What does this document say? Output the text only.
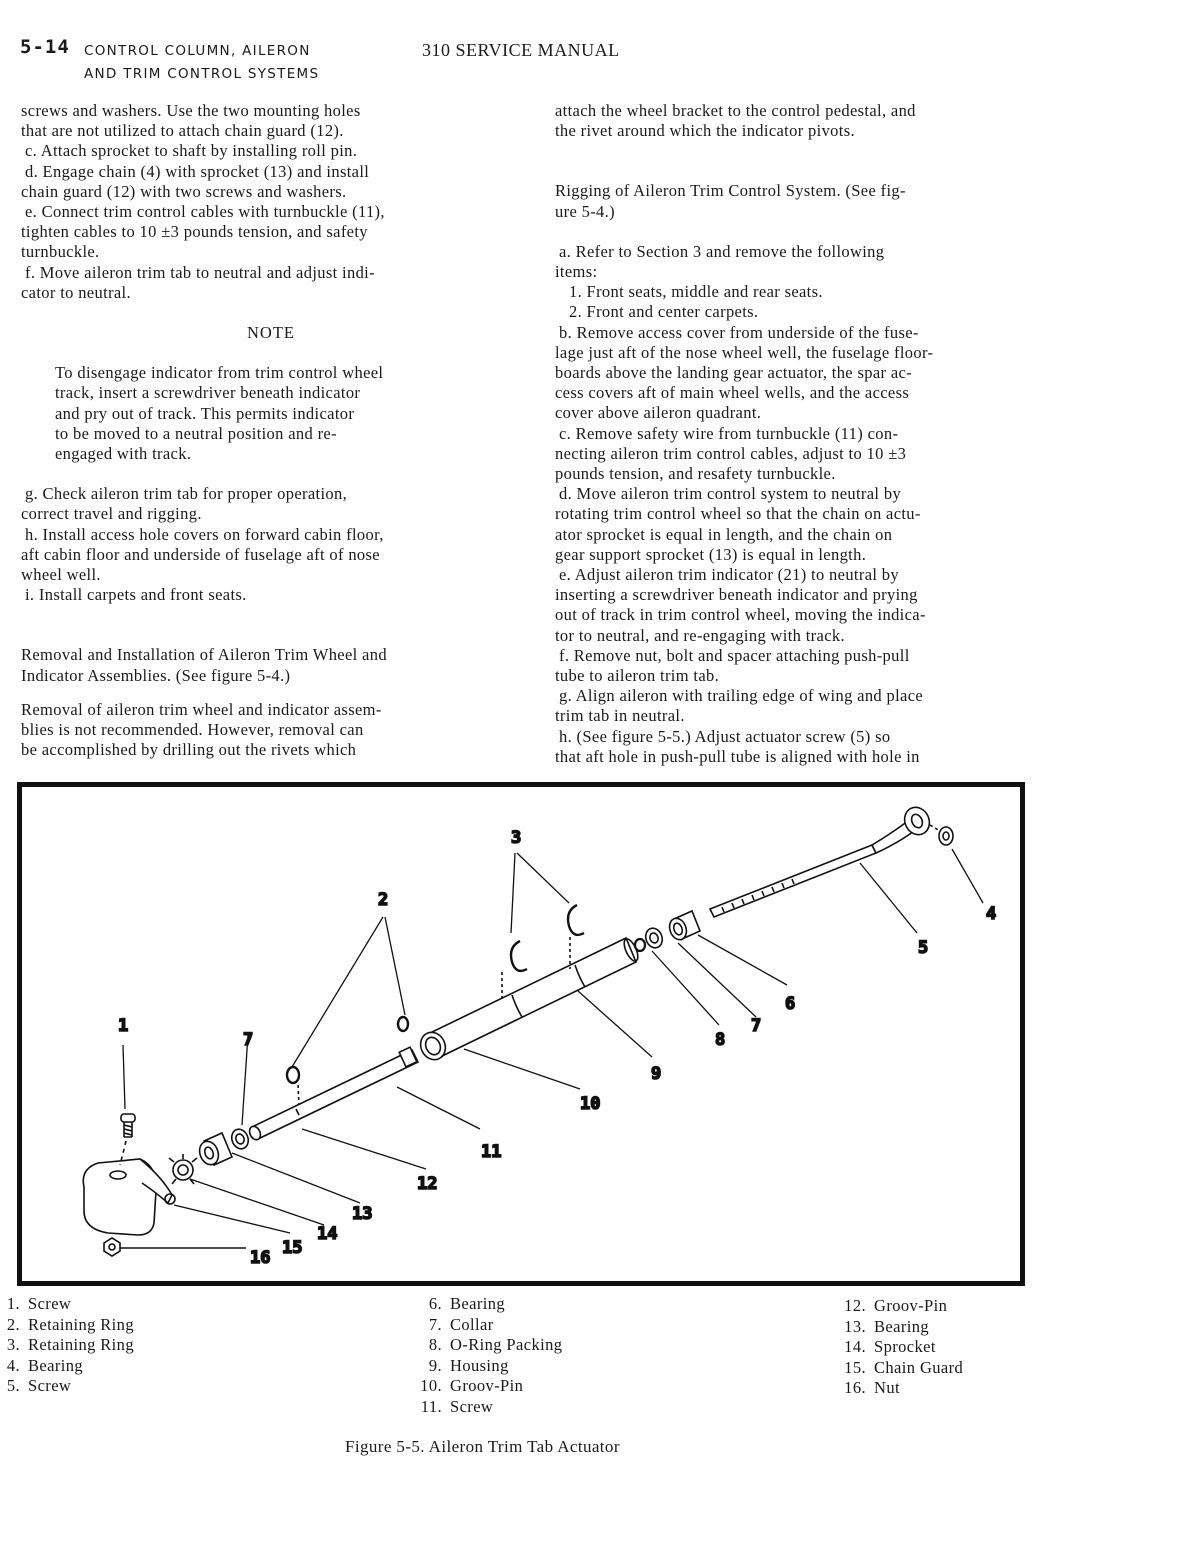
5-14 CONTROL COLUMN, AILERON
AND TRIM CONTROL SYSTEMS
310 SERVICE MANUAL

screws and washers. Use the two mounting holes
that are not utilized to attach chain guard (12).

c. Attach sprocket to shaft by installing roll pin.

d. Engage chain (4) with sprocket (13) and install
chain guard (12) with two screws and washers.

e. Connect trim control cables with turnbuckle (11),
tighten cables to 10 ±3 pounds tension, and safety
turnbuckle.

f. Move aileron trim tab to neutral and adjust indi-
cator to neutral.

NOTE

To disengage indicator from trim control wheel
track, insert a screwdriver beneath indicator
and pry out of track. This permits indicator
to be moved to a neutral position and re-
engaged with track.

g. Check aileron trim tab for proper operation,
correct travel and rigging.

h. Install access hole covers on forward cabin floor,
aft cabin floor and underside of fuselage aft of nose
wheel well.

i. Install carpets and front seats.

Removal and Installation of Aileron Trim Wheel and
Indicator Assemblies. (See figure 5-4.)

Removal of aileron trim wheel and indicator assem-
blies is not recommended. However, removal can
be accomplished by drilling out the rivets which

attach the wheel bracket to the control pedestal, and
the rivet around which the indicator pivots.

Rigging of Aileron Trim Control System. (See fig-
ure 5-4.)

a. Refer to Section 3 and remove the following
items:

1. Front seats, middle and rear seats.
2. Front and center carpets.

b. Remove access cover from underside of the fuse-
lage just aft of the nose wheel well, the fuselage floor-
boards above the landing gear actuator, the spar ac-
cess covers aft of main wheel wells, and the access
cover above aileron quadrant.

c. Remove safety wire from turnbuckle (11) con-
necting aileron trim control cables, adjust to 10 ±3
pounds tension, and resafety turnbuckle.

d. Move aileron trim control system to neutral by
rotating trim control wheel so that the chain on actu-
ator sprocket is equal in length, and the chain on
gear support sprocket (13) is equal in length.

e. Adjust aileron trim indicator (21) to neutral by
inserting a screwdriver beneath indicator and prying
out of track in trim control wheel, moving the indica-
tor to neutral, and re-engaging with track.

f. Remove nut, bolt and spacer attaching push-pull
tube to aileron trim tab.

g. Align aileron with trailing edge of wing and place
trim tab in neutral.

h. (See figure 5-5.) Adjust actuator screw (5) so
that aft hole in push-pull tube is aligned with hole in

1
2
3
4
5
6
7
7
8
9
10
11
12
13
14
15
16
1. Screw
2. Retaining Ring
3. Retaining Ring
4. Bearing
5. Screw
6. Bearing
7. Collar
8. O-Ring Packing
9. Housing
10. Groov-Pin
11. Screw
12. Groov-Pin
13. Bearing
14. Sprocket
15. Chain Guard
16. Nut
Figure 5-5. Aileron Trim Tab Actuator
